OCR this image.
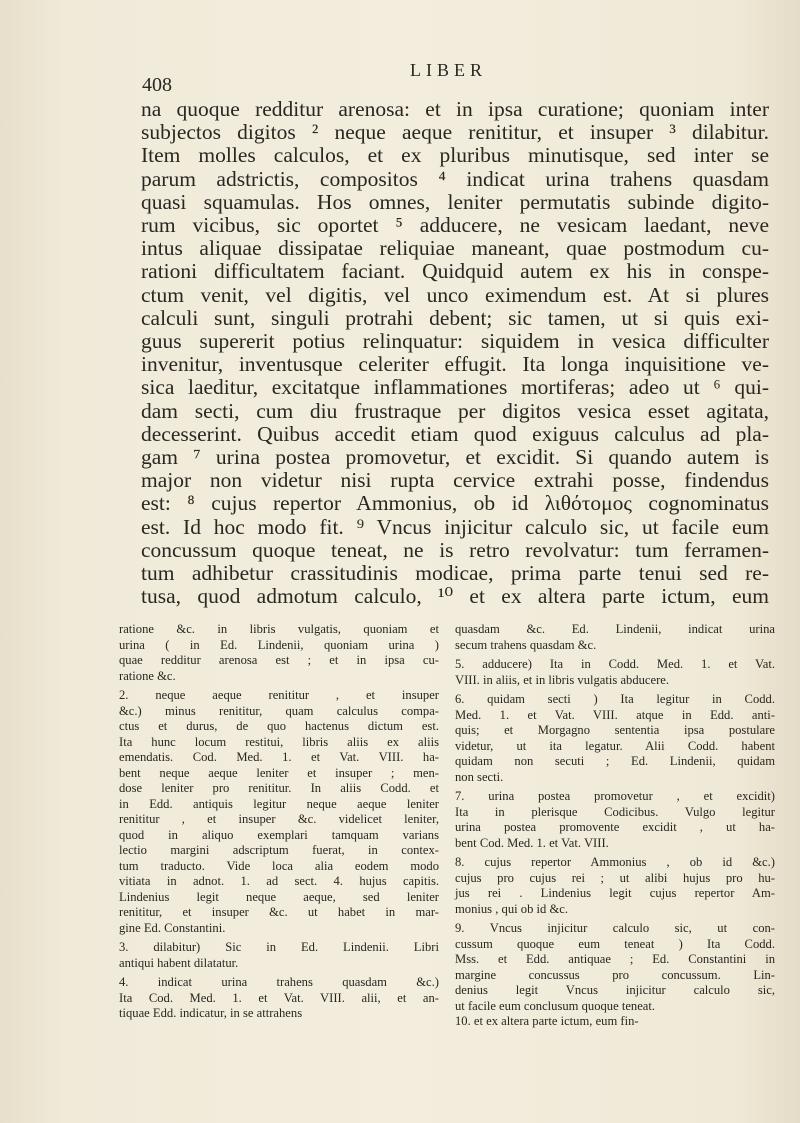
408
LIBER
na quoque redditur arenosa: et in ipsa curatione; quoniam inter
subjectos digitos ² neque aeque renititur, et insuper ³ dilabitur.
Item molles calculos, et ex pluribus minutisque, sed inter se
parum adstrictis, compositos ⁴ indicat urina trahens quasdam
quasi squamulas. Hos omnes, leniter permutatis subinde digito-
rum vicibus, sic oportet ⁵ adducere, ne vesicam laedant, neve
intus aliquae dissipatae reliquiae maneant, quae postmodum cu-
rationi difficultatem faciant. Quidquid autem ex his in conspe-
ctum venit, vel digitis, vel unco eximendum est. At si plures
calculi sunt, singuli protrahi debent; sic tamen, ut si quis exi-
guus supererit potius relinquatur: siquidem in vesica difficulter
invenitur, inventusque celeriter effugit. Ita longa inquisitione ve-
sica laeditur, excitatque inflammationes mortiferas; adeo ut ⁶ qui-
dam secti, cum diu frustraque per digitos vesica esset agitata,
decesserint. Quibus accedit etiam quod exiguus calculus ad pla-
gam ⁷ urina postea promovetur, et excidit. Si quando autem is
major non videtur nisi rupta cervice extrahi posse, findendus
est: ⁸ cujus repertor Ammonius, ob id λιθότομος cognominatus
est. Id hoc modo fit. ⁹ Vncus injicitur calculo sic, ut facile eum
concussum quoque teneat, ne is retro revolvatur: tum ferramen-
tum adhibetur crassitudinis modicae, prima parte tenui sed re-
tusa, quod admotum calculo, ¹⁰ et ex altera parte ictum, eum
ratione &c. in libris vulgatis, quoniam et
urina ( in Ed. Lindenii, quoniam urina )
quae redditur arenosa est ; et in ipsa cu-
ratione &c.
2. neque aeque renititur , et insuper
&c.) minus renititur, quam calculus compa-
ctus et durus, de quo hactenus dictum est.
Ita hunc locum restitui, libris aliis ex aliis
emendatis. Cod. Med. 1. et Vat. VIII. ha-
bent neque aeque leniter et insuper ; men-
dose leniter pro renititur. In aliis Codd. et
in Edd. antiquis legitur neque aeque leniter
renititur , et insuper &c. videlicet leniter,
quod in aliquo exemplari tamquam varians
lectio margini adscriptum fuerat, in contex-
tum traducto. Vide loca alia eodem modo
vitiata in adnot. 1. ad sect. 4. hujus capitis.
Lindenius legit neque aeque, sed leniter
renititur, et insuper &c. ut habet in mar-
gine Ed. Constantini.
3. dilabitur) Sic in Ed. Lindenii. Libri
antiqui habent dilatatur.
4. indicat urina trahens quasdam &c.)
Ita Cod. Med. 1. et Vat. VIII. alii, et an-
tiquae Edd. indicatur, in se attrahens
quasdam &c. Ed. Lindenii, indicat urina
secum trahens quasdam &c.
5. adducere) Ita in Codd. Med. 1. et Vat.
VIII. in aliis, et in libris vulgatis abducere.
6. quidam secti ) Ita legitur in Codd.
Med. 1. et Vat. VIII. atque in Edd. anti-
quis; et Morgagno sententia ipsa postulare
videtur, ut ita legatur. Alii Codd. habent
quidam non secuti ; Ed. Lindenii, quidam
non secti.
7. urina postea promovetur , et excidit)
Ita in plerisque Codicibus. Vulgo legitur
urina postea promovente excidit , ut ha-
bent Cod. Med. 1. et Vat. VIII.
8. cujus repertor Ammonius , ob id &c.)
cujus pro cujus rei ; ut alibi hujus pro hu-
jus rei . Lindenius legit cujus repertor Am-
monius , qui ob id &c.
9. Vncus injicitur calculo sic, ut con-
cussum quoque eum teneat ) Ita Codd.
Mss. et Edd. antiquae ; Ed. Constantini in
margine concussus pro concussum. Lin-
denius legit Vncus injicitur calculo sic,
ut facile eum conclusum quoque teneat.
10. et ex altera parte ictum, eum fin-
